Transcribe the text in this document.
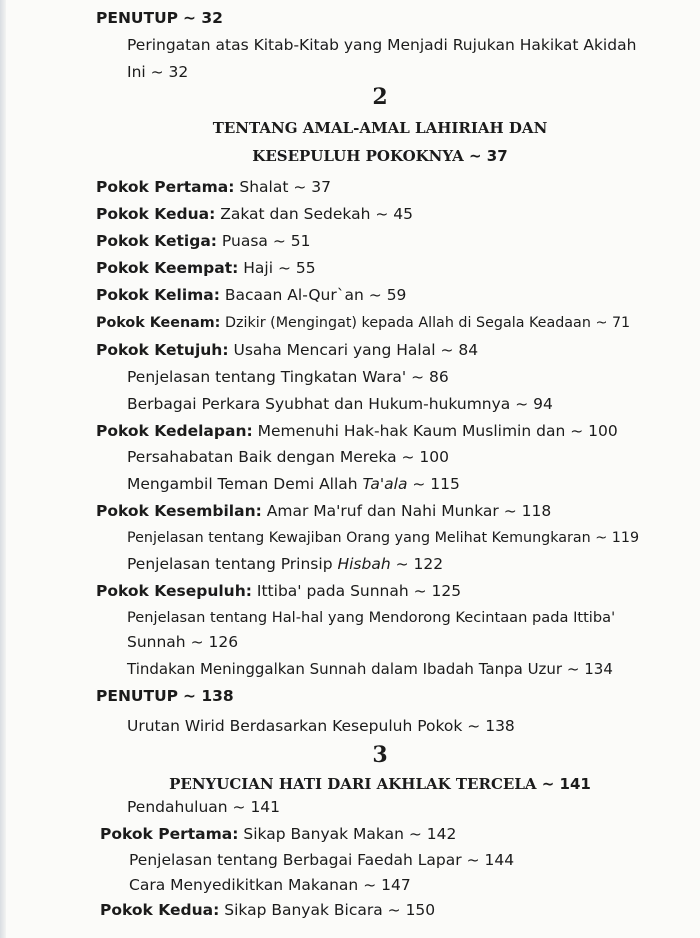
PENUTUP ~ 32
Peringatan atas Kitab-Kitab yang Menjadi Rujukan Hakikat Akidah
Ini ~ 32
2
TENTANG AMAL-AMAL LAHIRIAH DAN
KESEPULUH POKOKNYA ~ 37
Pokok Pertama: Shalat ~ 37
Pokok Kedua: Zakat dan Sedekah ~ 45
Pokok Ketiga: Puasa ~ 51
Pokok Keempat: Haji ~ 55
Pokok Kelima: Bacaan Al-Qur`an ~ 59
Pokok Keenam: Dzikir (Mengingat) kepada Allah di Segala Keadaan ~ 71
Pokok Ketujuh: Usaha Mencari yang Halal ~ 84
Penjelasan tentang Tingkatan Wara' ~ 86
Berbagai Perkara Syubhat dan Hukum-hukumnya ~ 94
Pokok Kedelapan: Memenuhi Hak-hak Kaum Muslimin dan ~ 100
Persahabatan Baik dengan Mereka ~ 100
Mengambil Teman Demi Allah Ta'ala ~ 115
Pokok Kesembilan: Amar Ma'ruf dan Nahi Munkar ~ 118
Penjelasan tentang Kewajiban Orang yang Melihat Kemungkaran ~ 119
Penjelasan tentang Prinsip Hisbah ~ 122
Pokok Kesepuluh: Ittiba' pada Sunnah ~ 125
Penjelasan tentang Hal-hal yang Mendorong Kecintaan pada Ittiba'
Sunnah ~ 126
Tindakan Meninggalkan Sunnah dalam Ibadah Tanpa Uzur ~ 134
PENUTUP ~ 138
Urutan Wirid Berdasarkan Kesepuluh Pokok ~ 138
3
PENYUCIAN HATI DARI AKHLAK TERCELA ~ 141
Pendahuluan ~ 141
Pokok Pertama: Sikap Banyak Makan ~ 142
Penjelasan tentang Berbagai Faedah Lapar ~ 144
Cara Menyedikitkan Makanan ~ 147
Pokok Kedua: Sikap Banyak Bicara ~ 150
